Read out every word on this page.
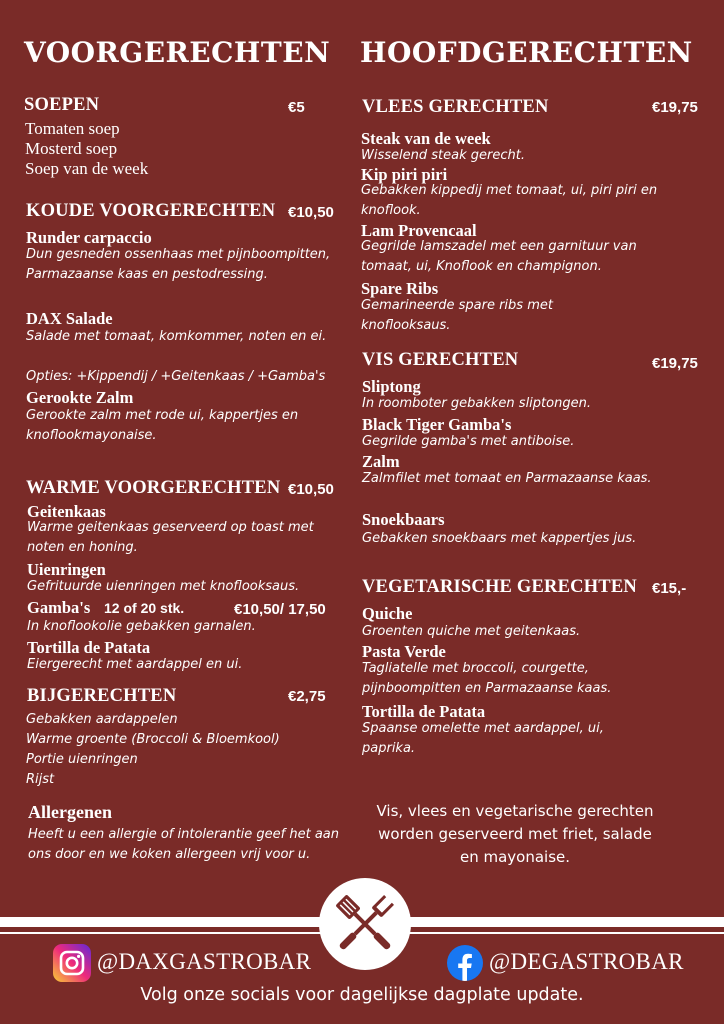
VOORGERECHTEN
SOEPEN	€5
Tomaten soep
Mosterd soep
Soep van de week
KOUDE VOORGERECHTEN €10,50
Runder carpaccio
Dun gesneden ossenhaas met pijnboompitten, Parmazaanse kaas en pestodressing.
DAX Salade
Salade met tomaat, komkommer, noten en ei.
Opties: +Kippendij / +Geitenkaas / +Gamba's
Gerookte Zalm
Gerookte zalm met rode ui, kappertjes en knoflookmayonaise.
WARME VOORGERECHTEN €10,50
Geitenkaas
Warme geitenkaas geserveerd op toast met noten en honing.
Uienringen
Gefrituurde uienringen met knoflooksaus.
Gamba's 12 of 20 stk.	€10,50/ 17,50
In knoflookolie gebakken garnalen.
Tortilla de Patata
Eiergerecht met aardappel en ui.
BIJGERECHTEN	€2,75
Gebakken aardappelen
Warme groente (Broccoli & Bloemkool)
Portie uienringen
Rijst
Allergenen
Heeft u een allergie of intolerantie geef het aan ons door en we koken allergeen vrij voor u.
HOOFDGERECHTEN
VLEES GERECHTEN	€19,75
Steak van de week
Wisselend steak gerecht.
Kip piri piri
Gebakken kippedij met tomaat, ui, piri piri en knoflook.
Lam Provencaal
Gegrilde lamszadel met een garnituur van tomaat, ui, Knoflook en champignon.
Spare Ribs
Gemarineerde spare ribs met knoflooksaus.
VIS GERECHTEN	€19,75
Sliptong
In roomboter gebakken sliptongen.
Black Tiger Gamba's
Gegrilde gamba's met antiboise.
Zalm
Zalmfilet met tomaat en Parmazaanse kaas.
Snoekbaars
Gebakken snoekbaars met kappertjes jus.
VEGETARISCHE GERECHTEN €15,-
Quiche
Groenten quiche met geitenkaas.
Pasta Verde
Tagliatelle met broccoli, courgette, pijnboompitten en Parmazaanse kaas.
Tortilla de Patata
Spaanse omelette met aardappel, ui, paprika.
Vis, vlees en vegetarische gerechten worden geserveerd met friet, salade en mayonaise.
@DAXGASTROBAR	@DEGASTROBAR
Volg onze socials voor dagelijkse dagplate update.
